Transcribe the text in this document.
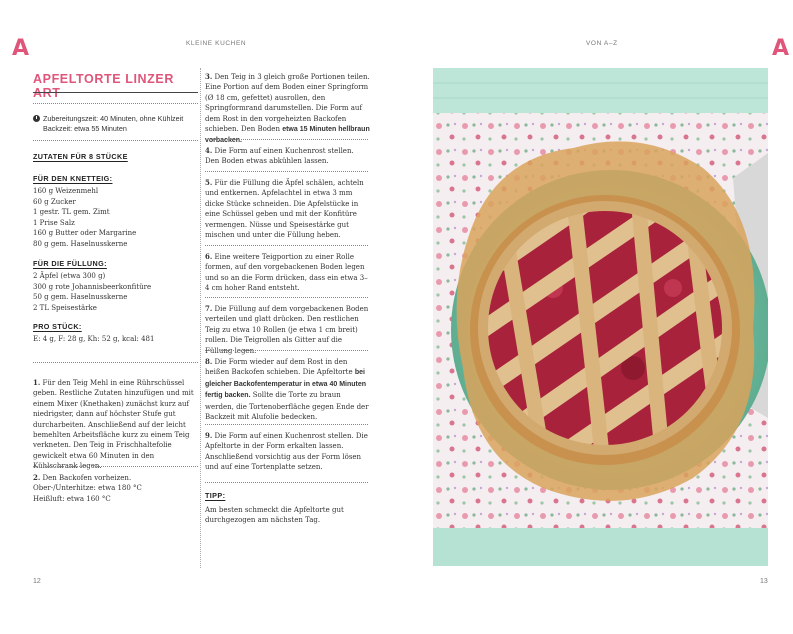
A	A
KLEINE KUCHEN	VON A–Z
12	13
APFELTORTE LINZER ART
Zubereitungszeit: 40 Minuten, ohne Kühlzeit
Backzeit: etwa 55 Minuten
ZUTATEN FÜR 8 STÜCKE
FÜR DEN KNETTEIG:
160 g Weizenmehl
60 g Zucker
1 gestr. TL gem. Zimt
1 Prise Salz
160 g Butter oder Margarine
80 g gem. Haselnusskerne
FÜR DIE FÜLLUNG:
2 Äpfel (etwa 300 g)
300 g rote Johannisbeerkonfitüre
50 g gem. Haselnusskerne
2 TL Speisestärke
PRO STÜCK:
E: 4 g, F: 28 g, Kh: 52 g, kcal: 481
1. Für den Teig Mehl in eine Rührschüssel geben. Restliche Zutaten hinzufügen und mit einem Mixer (Knethaken) zunächst kurz auf niedrigster, dann auf höchster Stufe gut durcharbeiten. Anschließend auf der leicht bemehlten Arbeitsfläche kurz zu einem Teig verkneten. Den Teig in Frischhaltefolie gewickelt etwa 60 Minuten in den Kühlschrank legen.
2. Den Backofen vorheizen.
Ober-/Unterhitze: etwa 180 °C
Heißluft: etwa 160 °C
3. Den Teig in 3 gleich große Portionen teilen. Eine Portion auf dem Boden einer Springform (Ø 18 cm, gefettet) ausrollen, den Springformrand darumstellen. Die Form auf dem Rost in den vorgeheizten Backofen schieben. Den Boden etwa 15 Minuten hellbraun vorbacken.
4. Die Form auf einen Kuchenrost stellen. Den Boden etwas abkühlen lassen.
5. Für die Füllung die Äpfel schälen, achteln und entkernen. Apfelachtel in etwa 3 mm dicke Stücke schneiden. Die Apfelstücke in eine Schüssel geben und mit der Konfitüre vermengen. Nüsse und Speisestärke gut mischen und unter die Füllung heben.
6. Eine weitere Teigportion zu einer Rolle formen, auf den vorgebackenen Boden legen und so an die Form drücken, dass ein etwa 3–4 cm hoher Rand entsteht.
7. Die Füllung auf dem vorgebackenen Boden verteilen und glatt drücken. Den restlichen Teig zu etwa 10 Rollen (je etwa 1 cm breit) rollen. Die Teigrollen als Gitter auf die Füllung legen.
8. Die Form wieder auf dem Rost in den heißen Backofen schieben. Die Apfeltorte bei gleicher Backofentemperatur in etwa 40 Minuten fertig backen. Sollte die Torte zu braun werden, die Tortenoberfläche gegen Ende der Backzeit mit Alufolie bedecken.
9. Die Form auf einen Kuchenrost stellen. Die Apfeltorte in der Form erkalten lassen. Anschließend vorsichtig aus der Form lösen und auf eine Tortenplatte setzen.
TIPP:
Am besten schmeckt die Apfeltorte gut durchgezogen am nächsten Tag.
